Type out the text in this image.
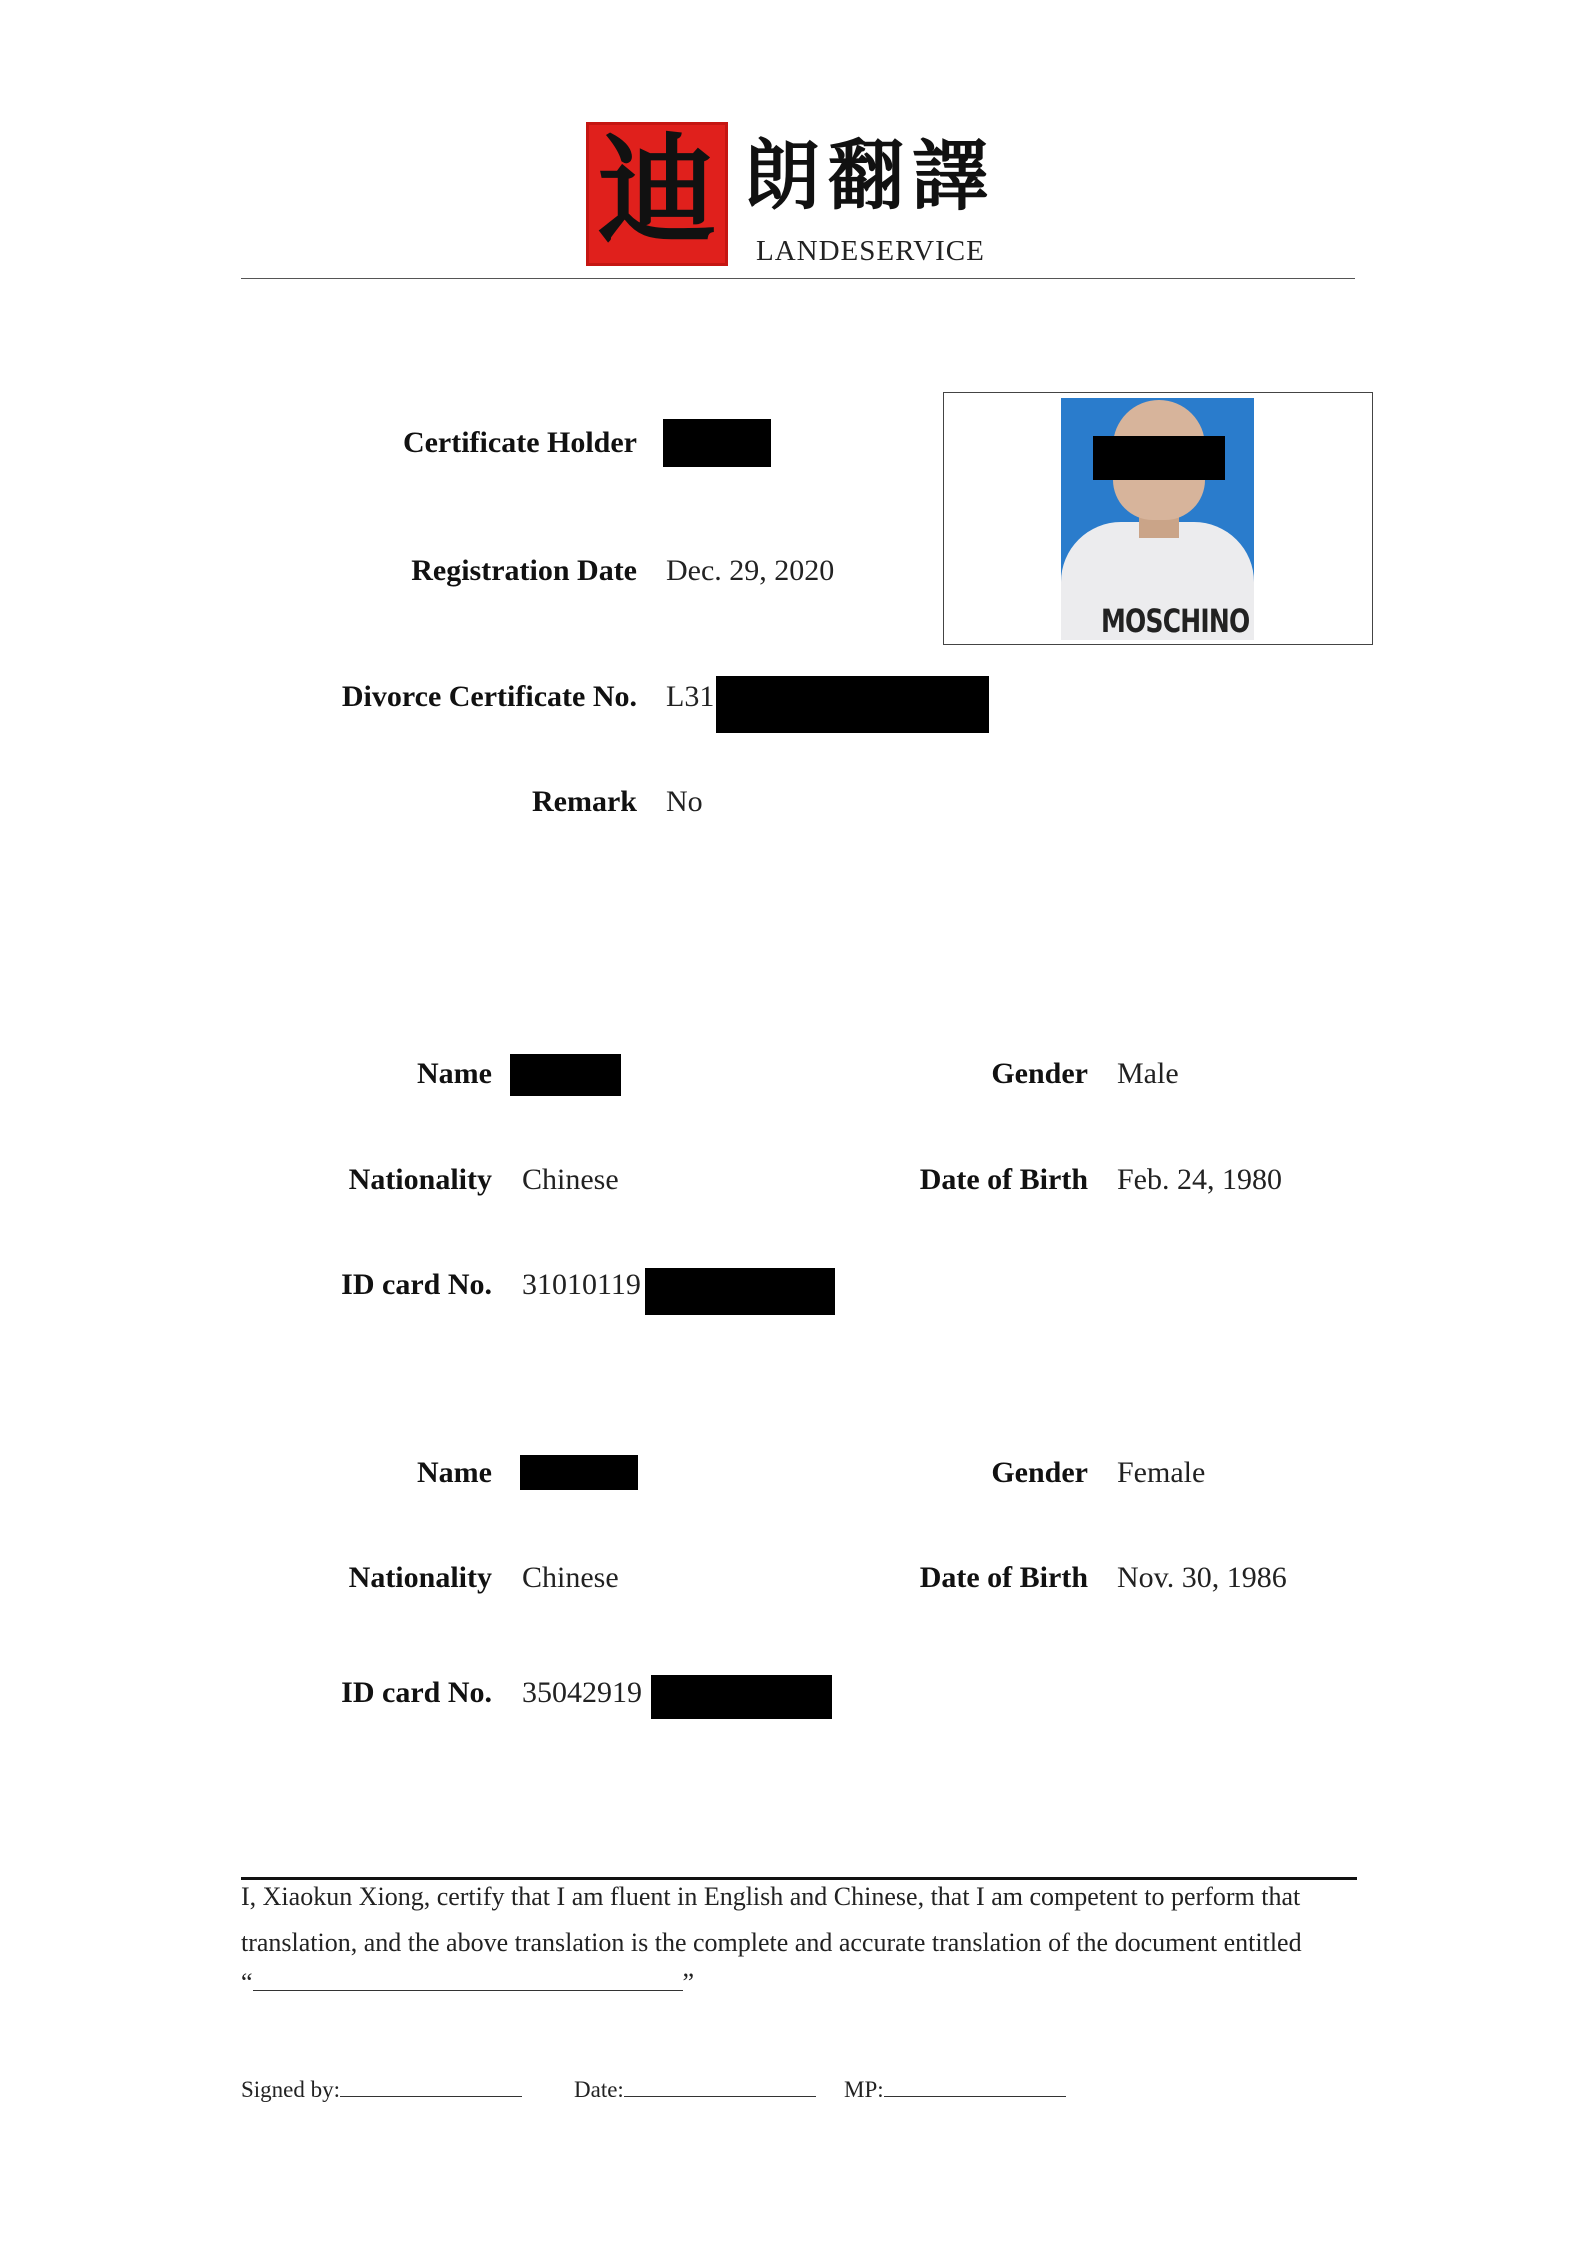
迪 朗翻譯
LANDESERVICE
Certificate Holder
Registration Date Dec. 29, 2020
Divorce Certificate No. L31
Remark No
MOSCHINO
Name	Gender Male
Nationality Chinese	Date of Birth Feb. 24, 1980
ID card No. 31010119
Name	Gender Female
Nationality Chinese	Date of Birth Nov. 30, 1986
ID card No. 35042919
I, Xiaokun Xiong, certify that I am fluent in English and Chinese, that I am competent to perform that
translation, and the above translation is the complete and accurate translation of the document entitled
“	”
Signed by:	Date:	MP:
